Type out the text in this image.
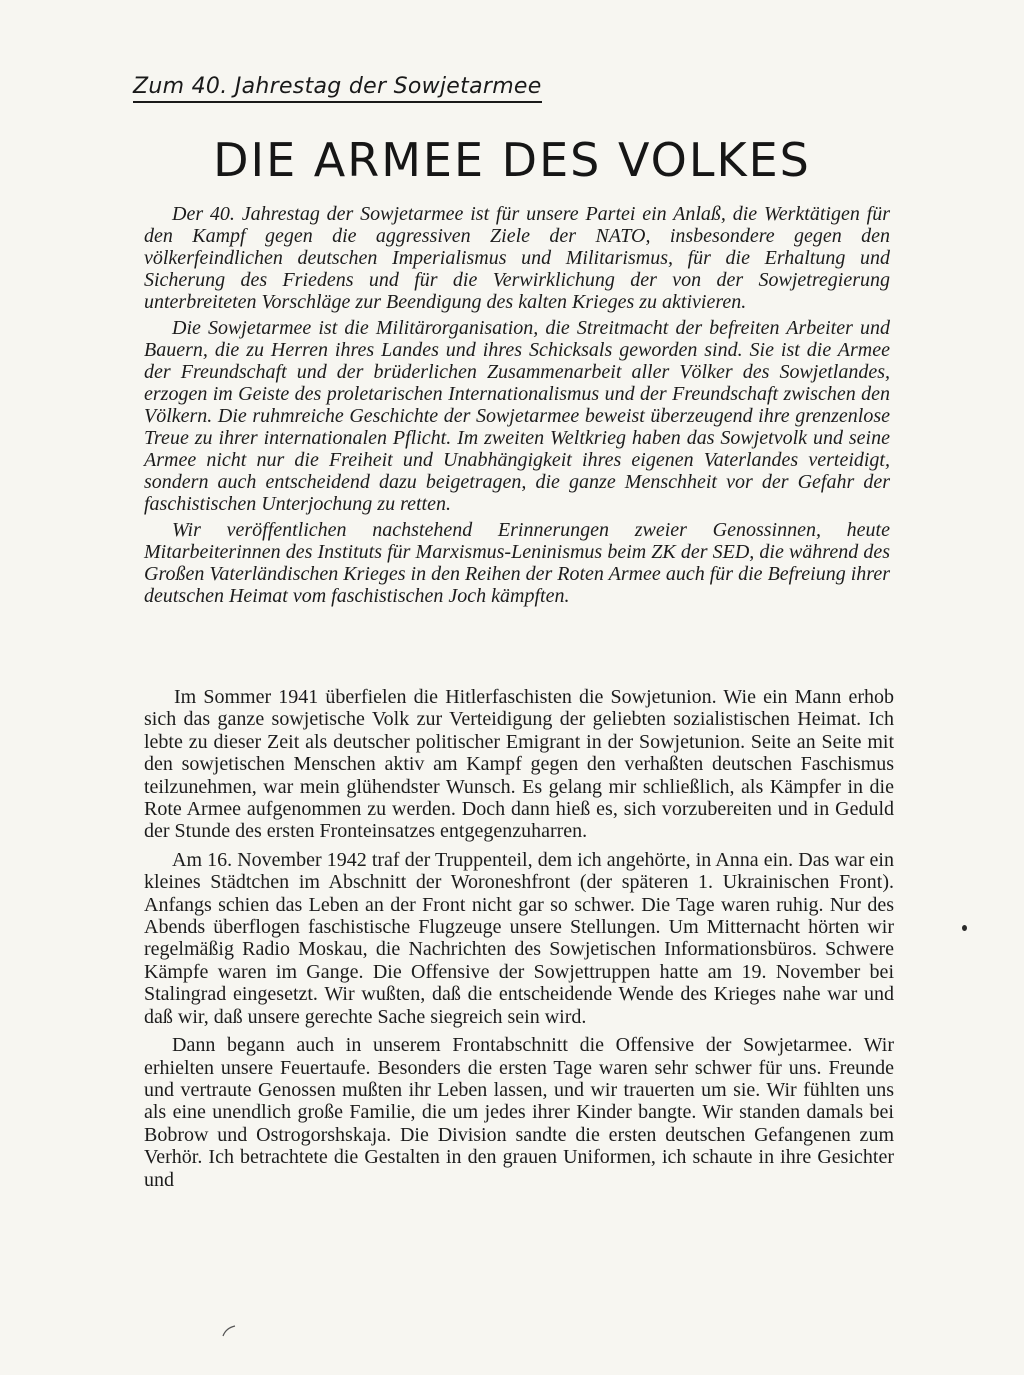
Zum 40. Jahrestag der Sowjetarmee
DIE ARMEE DES VOLKES

Der 40. Jahrestag der Sowjetarmee ist für unsere Partei ein Anlaß, die Werktätigen für den Kampf gegen die aggressiven Ziele der NATO, insbesondere gegen den völkerfeindlichen deutschen Imperialismus und Militarismus, für die Erhaltung und Sicherung des Friedens und für die Verwirklichung der von der Sowjetregierung unterbreiteten Vorschläge zur Beendigung des kalten Krieges zu aktivieren.

Die Sowjetarmee ist die Militärorganisation, die Streitmacht der befreiten Arbeiter und Bauern, die zu Herren ihres Landes und ihres Schicksals geworden sind. Sie ist die Armee der Freundschaft und der brüderlichen Zusammenarbeit aller Völker des Sowjetlandes, erzogen im Geiste des proletarischen Internationalismus und der Freundschaft zwischen den Völkern. Die ruhmreiche Geschichte der Sowjetarmee beweist überzeugend ihre grenzenlose Treue zu ihrer internationalen Pflicht. Im zweiten Weltkrieg haben das Sowjetvolk und seine Armee nicht nur die Freiheit und Unabhängigkeit ihres eigenen Vaterlandes verteidigt, sondern auch entscheidend dazu beigetragen, die ganze Menschheit vor der Gefahr der faschistischen Unterjochung zu retten.

Wir veröffentlichen nachstehend Erinnerungen zweier Genossinnen, heute Mitarbeiterinnen des Instituts für Marxismus-Leninismus beim ZK der SED, die während des Großen Vaterländischen Krieges in den Reihen der Roten Armee auch für die Befreiung ihrer deutschen Heimat vom faschistischen Joch kämpften.

Im Sommer 1941 überfielen die Hitlerfaschisten die Sowjetunion. Wie ein Mann erhob sich das ganze sowjetische Volk zur Verteidigung der geliebten sozialistischen Heimat. Ich lebte zu dieser Zeit als deutscher politischer Emigrant in der Sowjetunion. Seite an Seite mit den sowjetischen Menschen aktiv am Kampf gegen den verhaßten deutschen Faschismus teilzunehmen, war mein glühendster Wunsch. Es gelang mir schließlich, als Kämpfer in die Rote Armee aufgenommen zu werden. Doch dann hieß es, sich vorzubereiten und in Geduld der Stunde des ersten Fronteinsatzes entgegenzuharren.

Am 16. November 1942 traf der Truppenteil, dem ich angehörte, in Anna ein. Das war ein kleines Städtchen im Abschnitt der Woroneshfront (der späteren 1. Ukrainischen Front). Anfangs schien das Leben an der Front nicht gar so schwer. Die Tage waren ruhig. Nur des Abends überflogen faschistische Flugzeuge unsere Stellungen. Um Mitternacht hörten wir regelmäßig Radio Moskau, die Nachrichten des Sowjetischen Informationsbüros. Schwere Kämpfe waren im Gange. Die Offensive der Sowjettruppen hatte am 19. November bei Stalingrad eingesetzt. Wir wußten, daß die entscheidende Wende des Krieges nahe war und daß wir, daß unsere gerechte Sache siegreich sein wird.

Dann begann auch in unserem Frontabschnitt die Offensive der Sowjetarmee. Wir erhielten unsere Feuertaufe. Besonders die ersten Tage waren sehr schwer für uns. Freunde und vertraute Genossen mußten ihr Leben lassen, und wir trauerten um sie. Wir fühlten uns als eine unendlich große Familie, die um jedes ihrer Kinder bangte. Wir standen damals bei Bobrow und Ostrogorshskaja. Die Division sandte die ersten deutschen Gefangenen zum Verhör. Ich betrachtete die Gestalten in den grauen Uniformen, ich schaute in ihre Gesichter und
